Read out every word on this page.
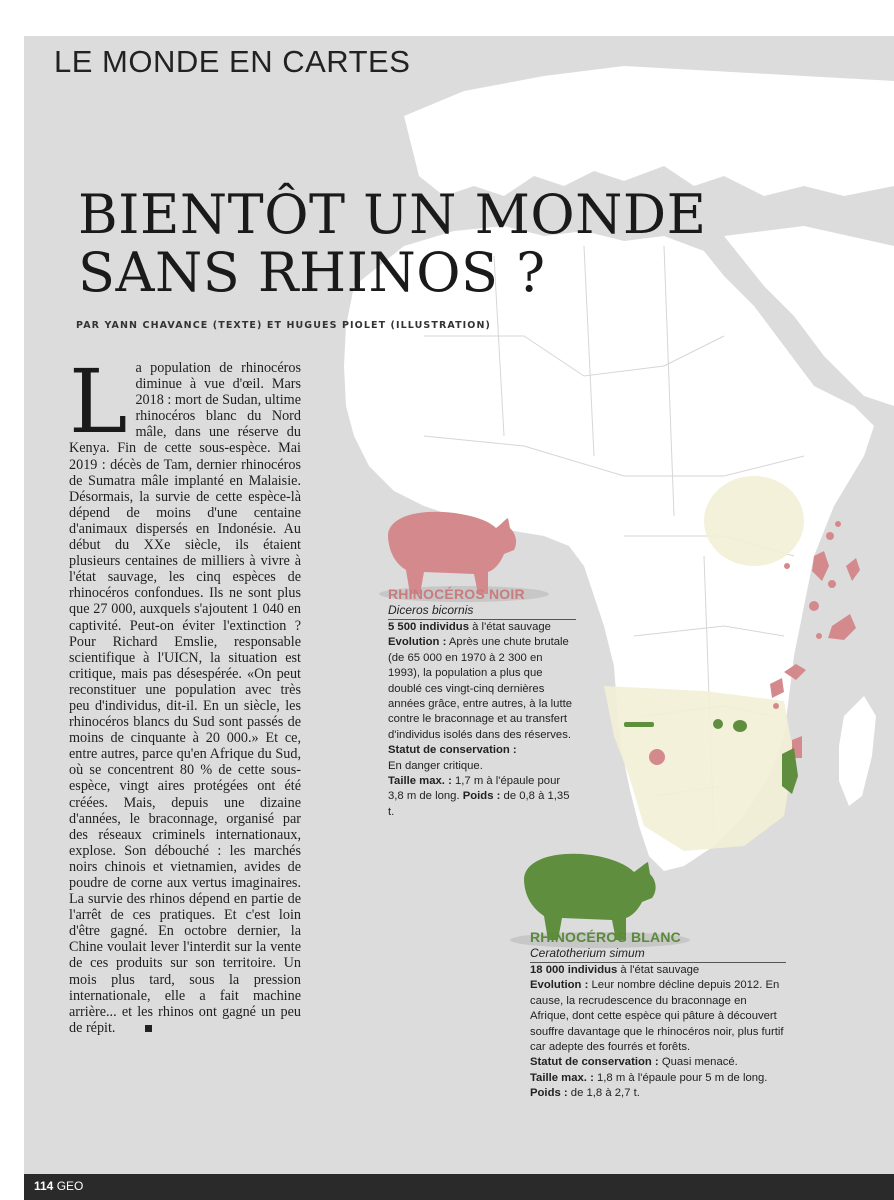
LE MONDE EN CARTES
BIENTÔT UN MONDE
SANS RHINOS ?

PAR YANN CHAVANCE (TEXTE) ET HUGUES PIOLET (ILLUSTRATION)

L a population de rhinocéros diminue à vue d'œil. Mars 2018 : mort de Sudan, ultime rhinocéros blanc du Nord mâle, dans une réserve du Kenya. Fin de cette sous-espèce. Mai 2019 : décès de Tam, dernier rhinocéros de Sumatra mâle implanté en Malaisie. Désormais, la survie de cette espèce-là dépend de moins d'une centaine d'animaux dispersés en Indonésie. Au début du XXe siècle, ils étaient plusieurs centaines de milliers à vivre à l'état sauvage, les cinq espèces de rhinocéros confondues. Ils ne sont plus que 27 000, auxquels s'ajoutent 1 040 en captivité. Peut-on éviter l'extinction ? Pour Richard Emslie, responsable scientifique à l'UICN, la situation est critique, mais pas désespérée. «On peut reconstituer une population avec très peu d'individus, dit-il. En un siècle, les rhinocéros blancs du Sud sont passés de moins de cinquante à 20 000.» Et ce, entre autres, parce qu'en Afrique du Sud, où se concentrent 80 % de cette sous-espèce, vingt aires protégées ont été créées. Mais, depuis une dizaine d'années, le braconnage, organisé par des réseaux criminels internationaux, explose. Son débouché : les marchés noirs chinois et vietnamien, avides de poudre de corne aux vertus imaginaires. La survie des rhinos dépend en partie de l'arrêt de ces pratiques. Et c'est loin d'être gagné. En octobre dernier, la Chine voulait lever l'interdit sur la vente de ces produits sur son territoire. Un mois plus tard, sous la pression internationale, elle a fait machine arrière... et les rhinos ont gagné un peu de répit.
RHINOCÉROS NOIR
Diceros bicornis

5 500 individus à l'état sauvage

Evolution : Après une chute brutale (de 65 000 en 1970 à 2 300 en 1993), la population a plus que doublé ces vingt-cinq dernières années grâce, entre autres, à la lutte contre le braconnage et au transfert d'individus isolés dans des réserves.

Statut de conservation :

En danger critique.

Taille max. : 1,7 m à l'épaule pour 3,8 m de long. Poids : de 0,8 à 1,35 t.

RHINOCÉROS BLANC
Ceratotherium simum

18 000 individus à l'état sauvage

Evolution : Leur nombre décline depuis 2012. En cause, la recrudescence du braconnage en Afrique, dont cette espèce qui pâture à découvert souffre davantage que le rhinocéros noir, plus furtif car adepte des fourrés et forêts.

Statut de conservation : Quasi menacé.

Taille max. : 1,8 m à l'épaule pour 5 m de long.

Poids : de 1,8 à 2,7 t.

114 GEO
